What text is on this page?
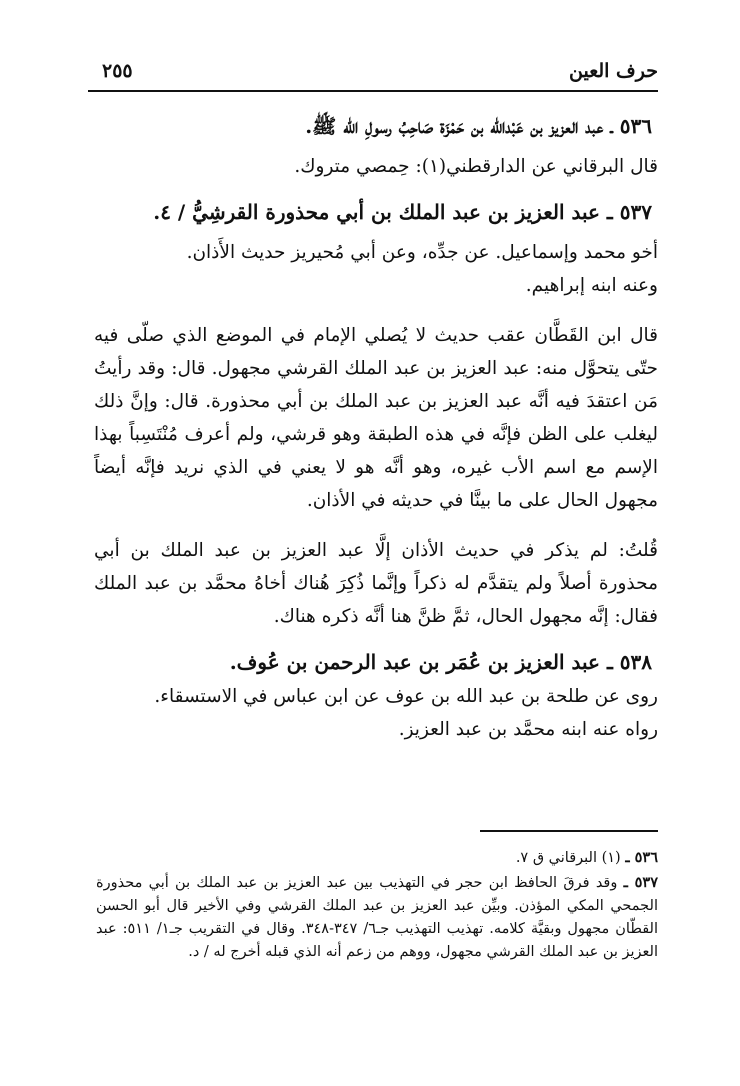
حرف العين
٢٥٥

٥٣٦ ـ عبد العزيز بن عَبْدالله بن حَمْزَة صَاحِبُ رسولِ الله ﷺ.

قال البرقاني عن الدارقطني(١): حِمصي متروك.

٥٣٧ ـ عبد العزيز بن عبد الملك بن أبي محذورة القرشِيُّ / ٤.

أخو محمد وإسماعيل. عن جدِّه، وعن أبي مُحيريز حديث الأَذان.

وعنه ابنه إبراهيم.

قال ابن القَطَّان عقب حديث لا يُصلي الإمام في الموضع الذي صلّى فيه حتّى يتحوَّل منه: عبد العزيز بن عبد الملك القرشي مجهول. قال: وقد رأيتُ مَن اعتقدَ فيه أنَّه عبد العزيز بن عبد الملك بن أبي محذورة. قال: وإنَّ ذلك ليغلب على الظن فإنَّه في هذه الطبقة وهو قرشي، ولم أعرف مُنْتَسِباً بهذا الإسم مع اسم الأب غيره، وهو أنَّه هو لا يعني في الذي نريد فإنَّه أيضاً مجهول الحال على ما بينَّا في حديثه في الأذان.

قُلتُ: لم يذكر في حديث الأذان إلَّا عبد العزيز بن عبد الملك بن أبي محذورة أصلاً ولم يتقدَّم له ذكراً وإنَّما ذُكِرَ هُناك أخاهُ محمَّد بن عبد الملك فقال: إنَّه مجهول الحال، ثمَّ ظنَّ هنا أنَّه ذكره هناك.

٥٣٨ ـ عبد العزيز بن عُمَر بن عبد الرحمن بن عُوف.

روى عن طلحة بن عبد الله بن عوف عن ابن عباس في الاستسقاء.

رواه عنه ابنه محمَّد بن عبد العزيز.

٥٣٦ ـ (١) البرقاني ق ٧.
٥٣٧ ـ وقد فرقَ الحافظ ابن حجر في التهذيب بين عبد العزيز بن عبد الملك بن أبي محذورة الجمحي المكي المؤذن. وبيِّن عبد العزيز بن عبد الملك القرشي وفي الأخير قال أبو الحسن القطّان مجهول وبقيَّة كلامه. تهذيب التهذيب جـ٦/ ٣٤٧-٣٤٨. وقال في التقريب جـ١/ ٥١١: عبد العزيز بن عبد الملك القرشي مجهول، ووهم من زعم أنه الذي قبله أخرج له / د.
